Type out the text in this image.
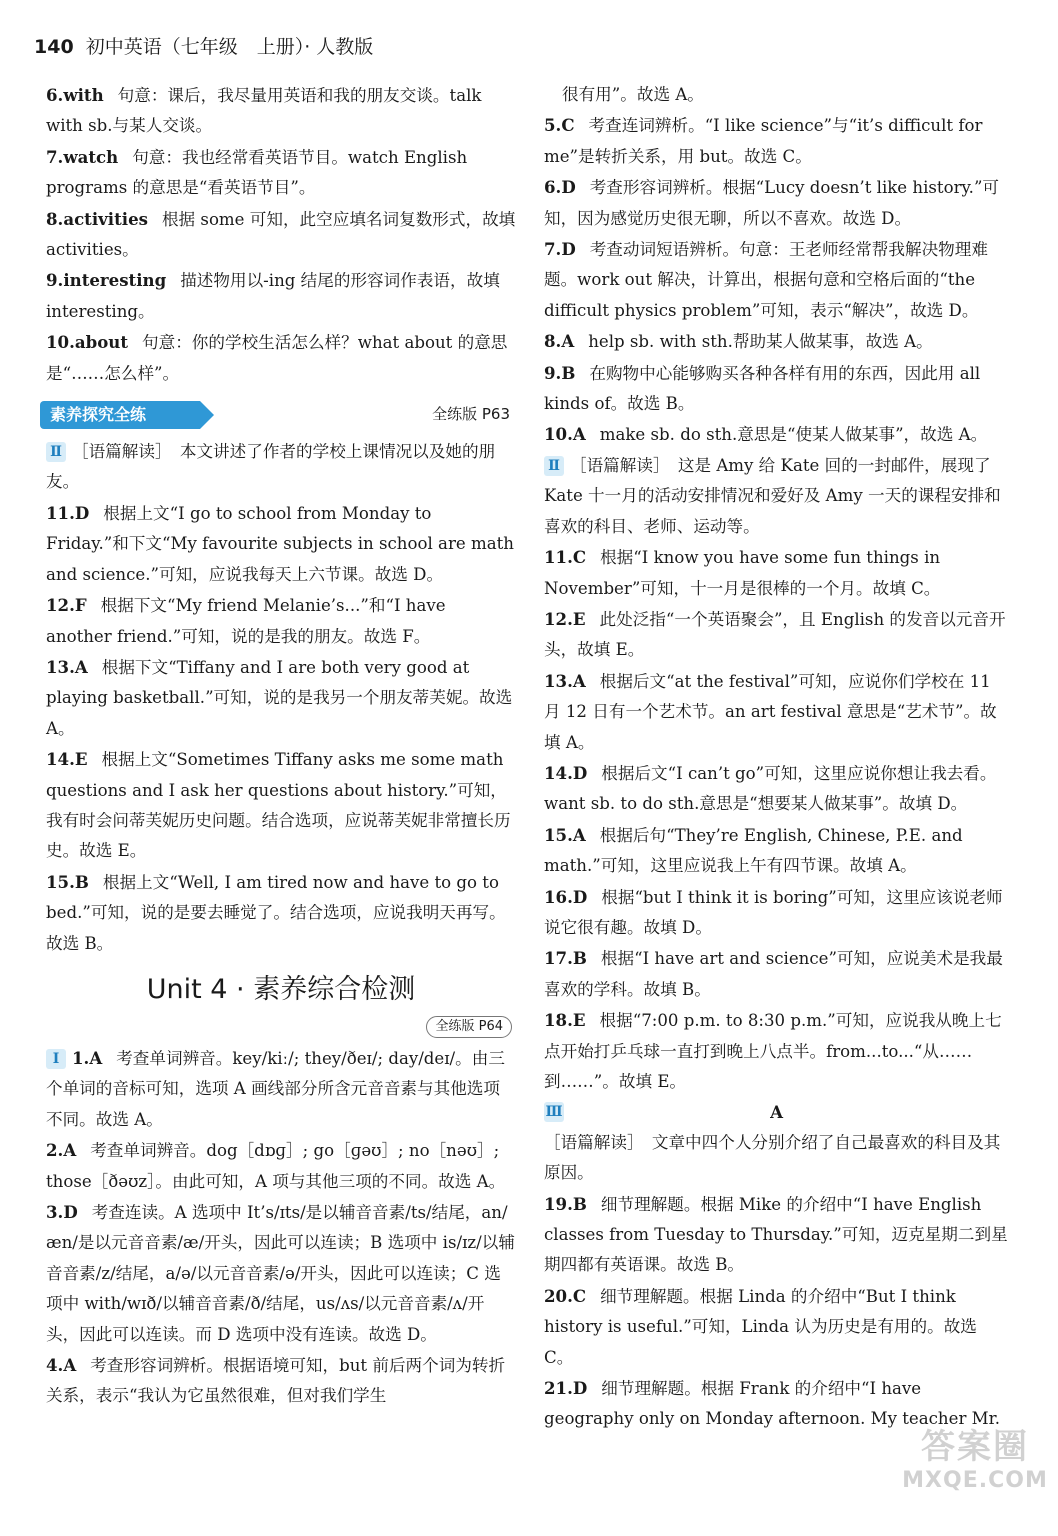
140 初中英语（七年级　上册）· 人教版

6.with 句意：课后，我尽量用英语和我的朋友交谈。talk with sb.与某人交谈。

7.watch 句意：我也经常看英语节目。watch English programs 的意思是“看英语节目”。

8.activities 根据 some 可知，此空应填名词复数形式，故填 activities。

9.interesting 描述物用以-ing 结尾的形容词作表语，故填 interesting。

10.about 句意：你的学校生活怎么样？what about 的意思是“……怎么样”。

素养探究全练	全练版 P63

Ⅱ ［语篇解读］　本文讲述了作者的学校上课情况以及她的朋友。

11.D 根据上文“I go to school from Monday to Friday.”和下文“My favourite subjects in school are math and science.”可知，应说我每天上六节课。故选 D。

12.F 根据下文“My friend Melanie’s...”和“I have another friend.”可知，说的是我的朋友。故选 F。

13.A 根据下文“Tiffany and I are both very good at playing basketball.”可知，说的是我另一个朋友蒂芙妮。故选 A。

14.E 根据上文“Sometimes Tiffany asks me some math questions and I ask her questions about history.”可知，我有时会问蒂芙妮历史问题。结合选项，应说蒂芙妮非常擅长历史。故选 E。

15.B 根据上文“Well, I am tired now and have to go to bed.”可知，说的是要去睡觉了。结合选项，应说我明天再写。故选 B。

Unit 4 · 素养综合检测
全练版 P64

Ⅰ 1.A 考查单词辨音。key/kiː/; they/ðeɪ/; day/deɪ/。由三个单词的音标可知，选项 A 画线部分所含元音音素与其他选项不同。故选 A。

2.A 考查单词辨音。dog［dɒɡ］; go［ɡəʊ］; no［nəʊ］; those［ðəʊz］。由此可知，A 项与其他三项的不同。故选 A。

3.D 考查连读。A 选项中 It’s/ɪts/是以辅音音素/ts/结尾，an/æn/是以元音音素/æ/开头，因此可以连读；B 选项中 is/ɪz/以辅音音素/z/结尾，a/ə/以元音音素/ə/开头，因此可以连读；C 选项中 with/wɪð/以辅音音素/ð/结尾，us/ʌs/以元音音素/ʌ/开头，因此可以连读。而 D 选项中没有连读。故选 D。

4.A 考查形容词辨析。根据语境可知，but 前后两个词为转折关系，表示“我认为它虽然很难，但对我们学生

很有用”。故选 A。

5.C 考查连词辨析。“I like science”与“it’s difficult for me”是转折关系，用 but。故选 C。

6.D 考查形容词辨析。根据“Lucy doesn’t like history.”可知，因为感觉历史很无聊，所以不喜欢。故选 D。

7.D 考查动词短语辨析。句意：王老师经常帮我解决物理难题。work out 解决，计算出，根据句意和空格后面的“the difficult physics problem”可知，表示“解决”，故选 D。

8.A help sb. with sth.帮助某人做某事，故选 A。

9.B 在购物中心能够购买各种各样有用的东西，因此用 all kinds of。故选 B。

10.A make sb. do sth.意思是“使某人做某事”，故选 A。

Ⅱ ［语篇解读］　这是 Amy 给 Kate 回的一封邮件，展现了 Kate 十一月的活动安排情况和爱好及 Amy 一天的课程安排和喜欢的科目、老师、运动等。

11.C 根据“I know you have some fun things in November”可知，十一月是很棒的一个月。故填 C。

12.E 此处泛指“一个英语聚会”，且 English 的发音以元音开头，故填 E。

13.A 根据后文“at the festival”可知，应说你们学校在 11 月 12 日有一个艺术节。an art festival 意思是“艺术节”。故填 A。

14.D 根据后文“I can’t go”可知，这里应说你想让我去看。want sb. to do sth.意思是“想要某人做某事”。故填 D。

15.A 根据后句“They’re English, Chinese, P.E. and math.”可知，这里应说我上午有四节课。故填 A。

16.D 根据“but I think it is boring”可知，这里应该说老师说它很有趣。故填 D。

17.B 根据“I have art and science”可知，应说美术是我最喜欢的学科。故填 B。

18.E 根据“7:00 p.m. to 8:30 p.m.”可知，应说我从晚上七点开始打乒乓球一直打到晚上八点半。from...to...“从……到……”。故填 E。

Ⅲ	A

［语篇解读］　文章中四个人分别介绍了自己最喜欢的科目及其原因。

19.B 细节理解题。根据 Mike 的介绍中“I have English classes from Tuesday to Thursday.”可知，迈克星期二到星期四都有英语课。故选 B。

20.C 细节理解题。根据 Linda 的介绍中“But I think history is useful.”可知，Linda 认为历史是有用的。故选 C。

21.D 细节理解题。根据 Frank 的介绍中“I have geography only on Monday afternoon. My teacher Mr.

答案圈
MXQE.COM
